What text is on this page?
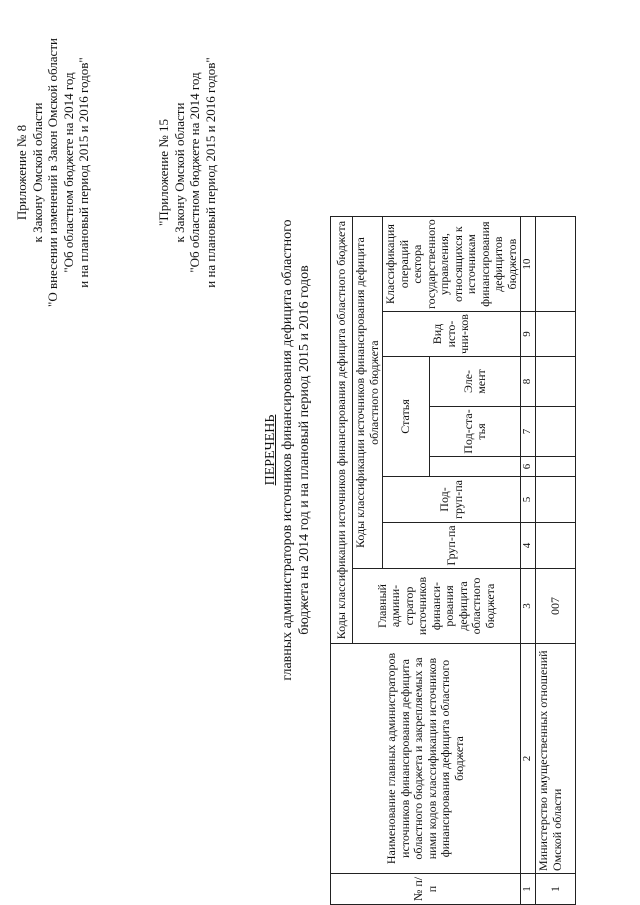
Приложение № 8 к Закону Омской области "О внесении изменений в Закон Омской области "Об областном бюджете на 2014 год и на плановый период 2015 и 2016 годов"	"Приложение № 15 к Закону Омской области "Об областном бюджете на 2014 год и на плановый период 2015 и 2016 годов"
ПЕРЕЧЕНЬ главных администраторов источников финансирования дефицита областного бюджета на 2014 год и на плановый период 2015 и 2016 годов
№ п/п	Наименование главных администраторов источников финансирования дефицита областного бюджета и закрепляемых за ними кодов классификации источников финансирования дефицита областного бюджета	Коды классификации источников финансирования дефицита областного бюджета							
		Главный админи-стратор источников финанси-рования дефицита областного бюджета	Коды классификации источников финансирования дефицита областного бюджета						
			Груп-па	Под-груп-па	Статья			Вид исто-чни-ков	Классификация операций сектора государственного управления, относящихся к источникам финансирования дефицитов бюджетов
						Под-ста-тья	Эле-мент		
1	2	3	4	5	6	7	8	9	10
1	Министерство имущественных отношений Омской области	007							
